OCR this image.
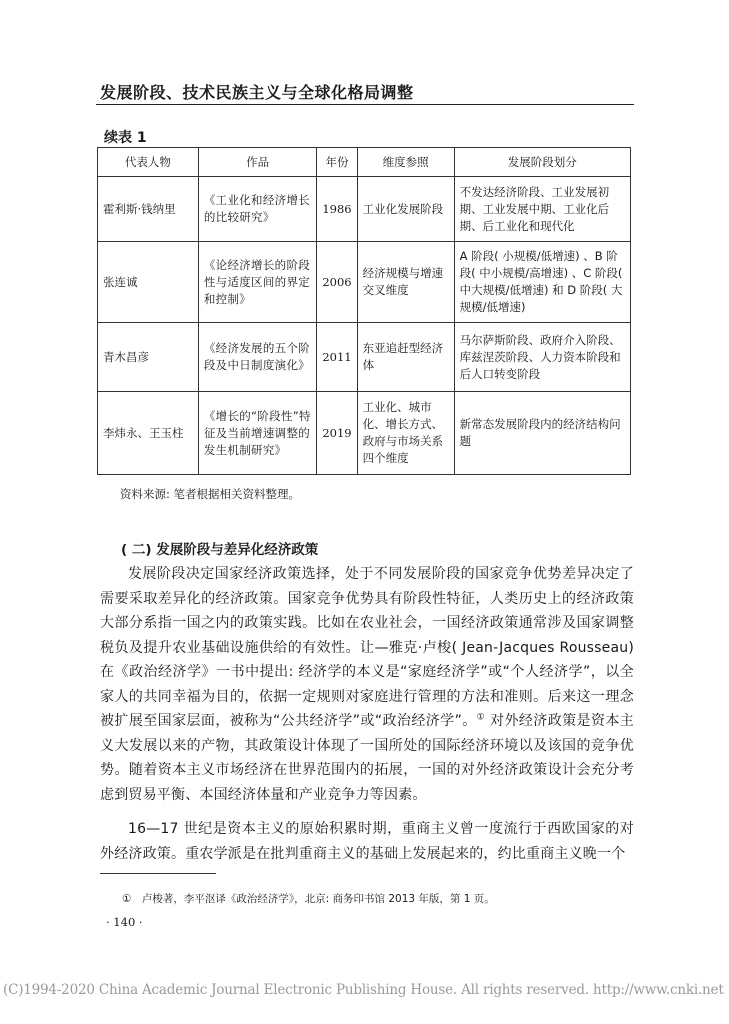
发展阶段、技术民族主义与全球化格局调整
续表 1
代表人物	作品	年份	维度参照	发展阶段划分
霍利斯·钱纳里	《工业化和经济增长的比较研究》	1986	工业化发展阶段	不发达经济阶段、工业发展初期、工业发展中期、工业化后期、后工业化和现代化
张连诚	《论经济增长的阶段性与适度区间的界定和控制》	2006	经济规模与增速交叉维度	A 阶段( 小规模/低增速) 、B 阶段( 中小规模/高增速) 、C 阶段( 中大规模/低增速) 和 D 阶段( 大规模/低增速)
青木昌彦	《经济发展的五个阶段及中日制度演化》	2011	东亚追赶型经济体	马尔萨斯阶段、政府介入阶段、库兹涅茨阶段、人力资本阶段和后人口转变阶段
李炜永、王玉柱	《增长的“阶段性”特征及当前增速调整的发生机制研究》	2019	工业化、城市化、增长方式、政府与市场关系四个维度	新常态发展阶段内的经济结构问题
资料来源: 笔者根据相关资料整理。
( 二) 发展阶段与差异化经济政策

发展阶段决定国家经济政策选择，处于不同发展阶段的国家竞争优势差异决定了需要采取差异化的经济政策。国家竞争优势具有阶段性特征，人类历史上的经济政策大部分系指一国之内的政策实践。比如在农业社会，一国经济政策通常涉及国家调整税负及提升农业基础设施供给的有效性。让—雅克·卢梭( Jean-Jacques Rousseau) 在《政治经济学》一书中提出: 经济学的本义是“家庭经济学”或“个人经济学”，以全家人的共同幸福为目的，依据一定规则对家庭进行管理的方法和准则。后来这一理念被扩展至国家层面，被称为“公共经济学”或“政治经济学”。① 对外经济政策是资本主义大发展以来的产物，其政策设计体现了一国所处的国际经济环境以及该国的竞争优势。随着资本主义市场经济在世界范围内的拓展，一国的对外经济政策设计会充分考虑到贸易平衡、本国经济体量和产业竞争力等因素。

16—17 世纪是资本主义的原始积累时期，重商主义曾一度流行于西欧国家的对外经济政策。重农学派是在批判重商主义的基础上发展起来的，约比重商主义晚一个

①　卢梭著，李平沤译《政治经济学》，北京: 商务印书馆 2013 年版，第 1 页。
· 140 ·
(C)1994-2020 China Academic Journal Electronic Publishing House. All rights reserved. http://www.cnki.net
